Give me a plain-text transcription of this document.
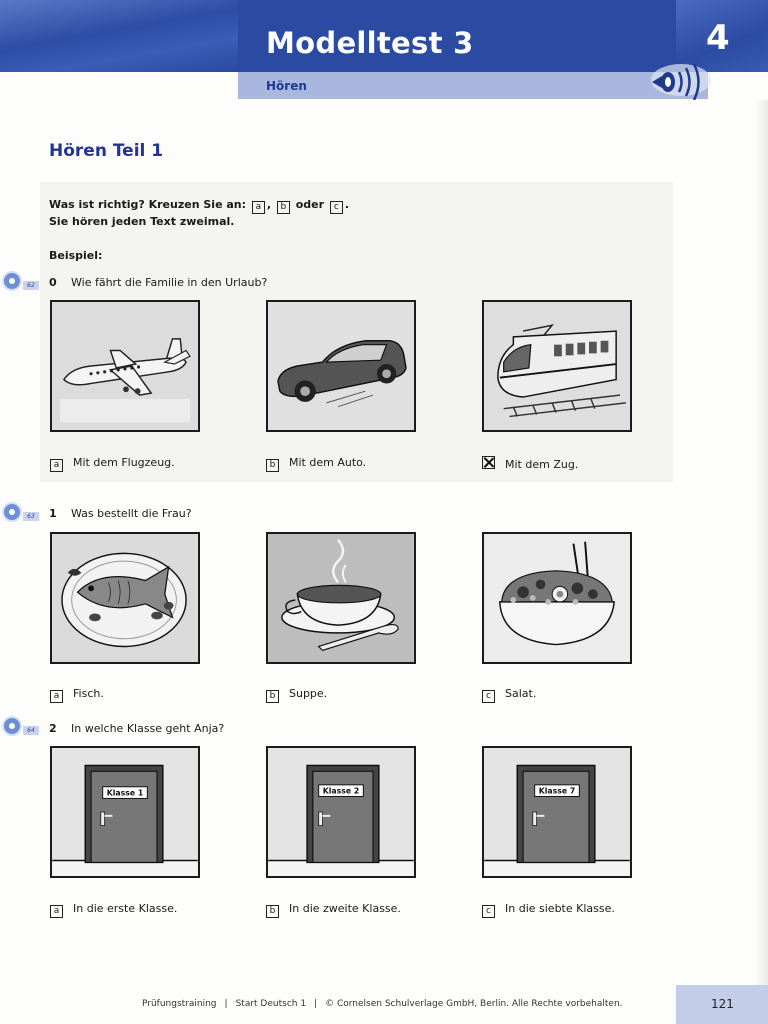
Modelltest 3	4
Hören
Hören Teil 1
Was ist richtig? Kreuzen Sie an: a , b oder c .
Sie hören jeden Text zweimal.
Beispiel:
62	0 Wie fährt die Familie in den Urlaub?
a Mit dem Flugzeug.	b Mit dem Auto.	Mit dem Zug.
63	1 Was bestellt die Frau?
a Fisch.	b Suppe.	c Salat.
64	2 In welche Klasse geht Anja?
Klasse 1	Klasse 2	Klasse 7
a In die erste Klasse.	b In die zweite Klasse.	c In die siebte Klasse.
121
Prüfungstraining | Start Deutsch 1 | © Cornelsen Schulverlage GmbH, Berlin. Alle Rechte vorbehalten.
